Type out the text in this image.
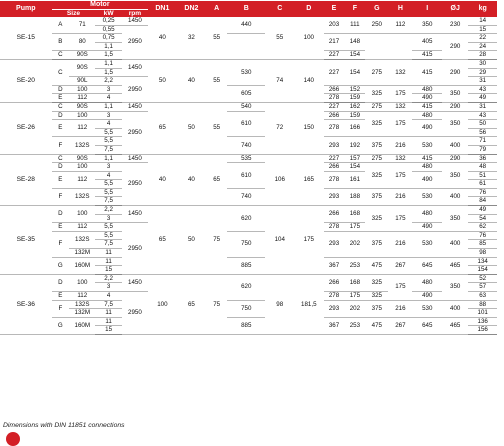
Pump	Motor				DN1	DN2	A	B	C	D	E	F	G	H	I	ØJ	kg
	Size		kW	rpm													
SE-15	A	71	0,25	1450	40	32	55	440	55	100	203	111	250	112	350	230	14
			0,55	2950													15
	B	80	0,75								217	148			405	290	22
			1,1														24
	C	90S	1,5								227	154			415		28
SE-20	C	90S	1,1	1450	50	40	55	530	74	140	227	154	275	132	415	290	30
			1,5														29
		90L	2,2	2950													31
	D	100	3					605			266	152	325	175	480	350	43
	E	112	4								278	159			490		49
SE-26	C	90S	1,1	1450	65	50	55	540	72	150	227	162	275	132	415	290	31
	D	100	3	2950				610			266	159	325	175	480	350	43
	E	112	4								278	166			490		50
			5,5														56
	F	132S	5,5					740			293	192	375	216	530	400	71
			7,5														79
SE-28	C	90S	1,1	1450	40	40	65	535	106	165	227	157	275	132	415	290	36
	D	100	3	2950				610			266	154	325	175	480	350	48
	E	112	4								278	161			490		51
			5,5														61
	F	132S	5,5					740			293	188	375	216	530	400	76
			7,5														84
SE-35	D	100	2,2	1450	65	50	75	620	104	175	266	168	325	175	480	350	49
			3														54
	E	112	5,5	2950							278	175			490		62
	F	132S	5,5					750			293	202	375	216	530	400	76
			7,5														85
		132M	11														98
	G	160M	11					885			367	253	475	267	645	465	134
			15														154
SE-36	D	100	2,2	1450	100	65	75	620	98	181,5	266	168	325	175	480	350	52
			3														57
	E	112	4	2950							278	175	325		490		63
	F	132S	7,5					750			293	202	375	216	530	400	88
		132M	11														101
	G	160M	11					885			367	253	475	267	645	465	136
			15														156
Dimensions with DIN 11851 connections
